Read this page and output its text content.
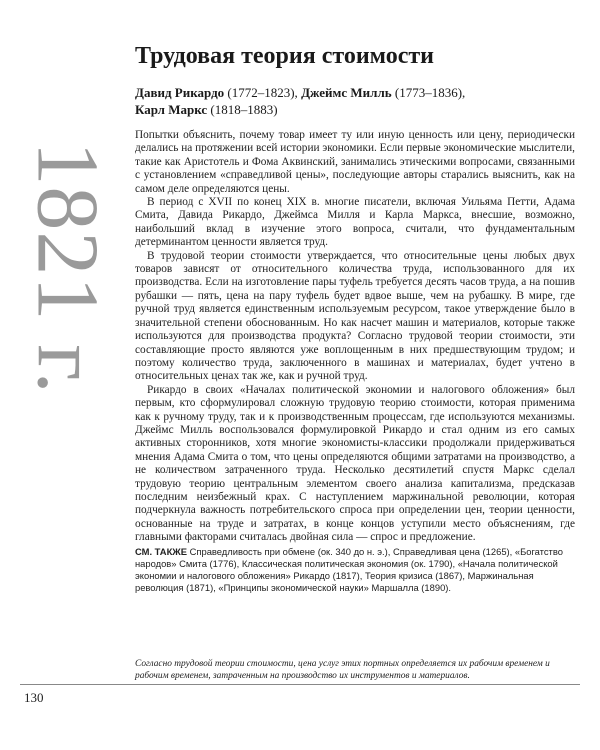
1821 г.
Трудовая теория стоимости
Давид Рикардо (1772–1823), Джеймс Милль (1773–1836),
Карл Маркс (1818–1883)

Попытки объяснить, почему товар имеет ту или иную ценность или цену, периодически делались на протяжении всей истории экономики. Если первые экономические мыслители, такие как Аристотель и Фома Аквинский, занимались этическими вопросами, связанными с установлением «справедливой цены», последующие авторы старались выяснить, как на самом деле определяются цены.

В период с XVII по конец XIX в. многие писатели, включая Уильяма Петти, Адама Смита, Давида Рикардо, Джеймса Милля и Карла Маркса, внесшие, возможно, наибольший вклад в изучение этого вопроса, считали, что фундаментальным детерминантом ценности является труд.

В трудовой теории стоимости утверждается, что относительные цены любых двух товаров зависят от относительного количества труда, использованного для их производства. Если на изготовление пары туфель требуется десять часов труда, а на пошив рубашки — пять, цена на пару туфель будет вдвое выше, чем на рубашку. В мире, где ручной труд является единственным используемым ресурсом, такое утверждение было в значительной степени обоснованным. Но как насчет машин и материалов, которые также используются для производства продукта? Согласно трудовой теории стоимости, эти составляющие просто являются уже воплощенным в них предшествующим трудом; и поэтому количество труда, заключенного в машинах и материалах, будет учтено в относительных ценах так же, как и ручной труд.

Рикардо в своих «Началах политической экономии и налогового обложения» был первым, кто сформулировал сложную трудовую теорию стоимости, которая применима как к ручному труду, так и к производственным процессам, где используются механизмы. Джеймс Милль воспользовался формулировкой Рикардо и стал одним из его самых активных сторонников, хотя многие экономисты-классики продолжали придерживаться мнения Адама Смита о том, что цены определяются общими затратами на производство, а не количеством затраченного труда. Несколько десятилетий спустя Маркс сделал трудовую теорию центральным элементом своего анализа капитализма, предсказав последним неизбежный крах. С наступлением маржинальной революции, которая подчеркнула важность потребительского спроса при определении цен, теории ценности, основанные на труде и затратах, в конце концов уступили место объяснениям, где главными факторами считалась двойная сила — спрос и предложение.

СМ. ТАКЖЕ Справедливость при обмене (ок. 340 до н. э.), Справедливая цена (1265), «Богатство народов» Смита (1776), Классическая политическая экономия (ок. 1790), «Начала политической экономии и налогового обложения» Рикардо (1817), Теория кризиса (1867), Маржинальная революция (1871), «Принципы экономической науки» Маршалла (1890).
Согласно трудовой теории стоимости, цена услуг этих портных определяется их рабочим временем и рабочим временем, затраченным на производство их инструментов и материалов.
130
